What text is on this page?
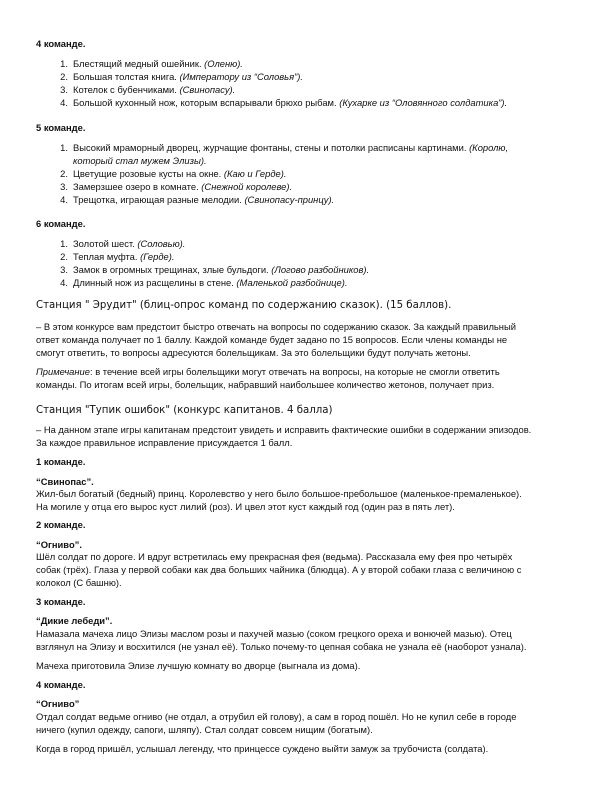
4 команде.
1. Блестящий медный ошейник. (Оленю).
2. Большая толстая книга. (Императору из “Соловья”).
3. Котелок с бубенчиками. (Свинопасу).
4. Большой кухонный нож, которым вспарывали брюхо рыбам. (Кухарке из “Оловянного солдатика”).
5 команде.
1. Высокий мраморный дворец, журчащие фонтаны, стены и потолки расписаны картинами. (Королю,
который стал мужем Элизы).
2. Цветущие розовые кусты на окне. (Каю и Герде).
3. Замерзшее озеро в комнате. (Снежной королеве).
4. Трещотка, играющая разные мелодии. (Свинопасу-принцу).
6 команде.
1. Золотой шест. (Соловью).
2. Теплая муфта. (Герде).
3. Замок в огромных трещинах, злые бульдоги. (Логово разбойников).
4. Длинный нож из расщелины в стене. (Маленькой разбойнице).
Станция " Эрудит" (блиц-опрос команд по содержанию сказок). (15 баллов).
– В этом конкурсе вам предстоит быстро отвечать на вопросы по содержанию сказок. За каждый правильный
ответ команда получает по 1 баллу. Каждой команде будет задано по 15 вопросов. Если члены команды не
смогут ответить, то вопросы адресуются болельщикам. За это болельщики будут получать жетоны.
Примечание: в течение всей игры болельщики могут отвечать на вопросы, на которые не смогли ответить
команды. По итогам всей игры, болельщик, набравший наибольшее количество жетонов, получает приз.
Станция "Тупик ошибок" (конкурс капитанов. 4 балла)
– На данном этапе игры капитанам предстоит увидеть и исправить фактические ошибки в содержании эпизодов.
За каждое правильное исправление присуждается 1 балл.
1 команде.
“Свинопас”.
Жил-был богатый (бедный) принц. Королевство у него было большое-пребольшое (маленькое-премаленькое).
На могиле у отца его вырос куст лилий (роз). И цвел этот куст каждый год (один раз в пять лет).
2 команде.
“Огниво”.
Шёл солдат по дороге. И вдруг встретилась ему прекрасная фея (ведьма). Рассказала ему фея про четырёх
собак (трёх). Глаза у первой собаки как два больших чайника (блюдца). А у второй собаки глаза с величиною с
колокол (С башню).
3 команде.
“Дикие лебеди”.
Намазала мачеха лицо Элизы маслом розы и пахучей мазью (соком грецкого ореха и вонючей мазью). Отец
взглянул на Элизу и восхитился (не узнал её). Только почему-то цепная собака не узнала её (наоборот узнала).
Мачеха приготовила Элизе лучшую комнату во дворце (выгнала из дома).
4 команде.
“Огниво”
Отдал солдат ведьме огниво (не отдал, а отрубил ей голову), а сам в город пошёл. Но не купил себе в городе
ничего (купил одежду, сапоги, шляпу). Стал солдат совсем нищим (богатым).
Когда в город пришёл, услышал легенду, что принцессе суждено выйти замуж за трубочиста (солдата).
